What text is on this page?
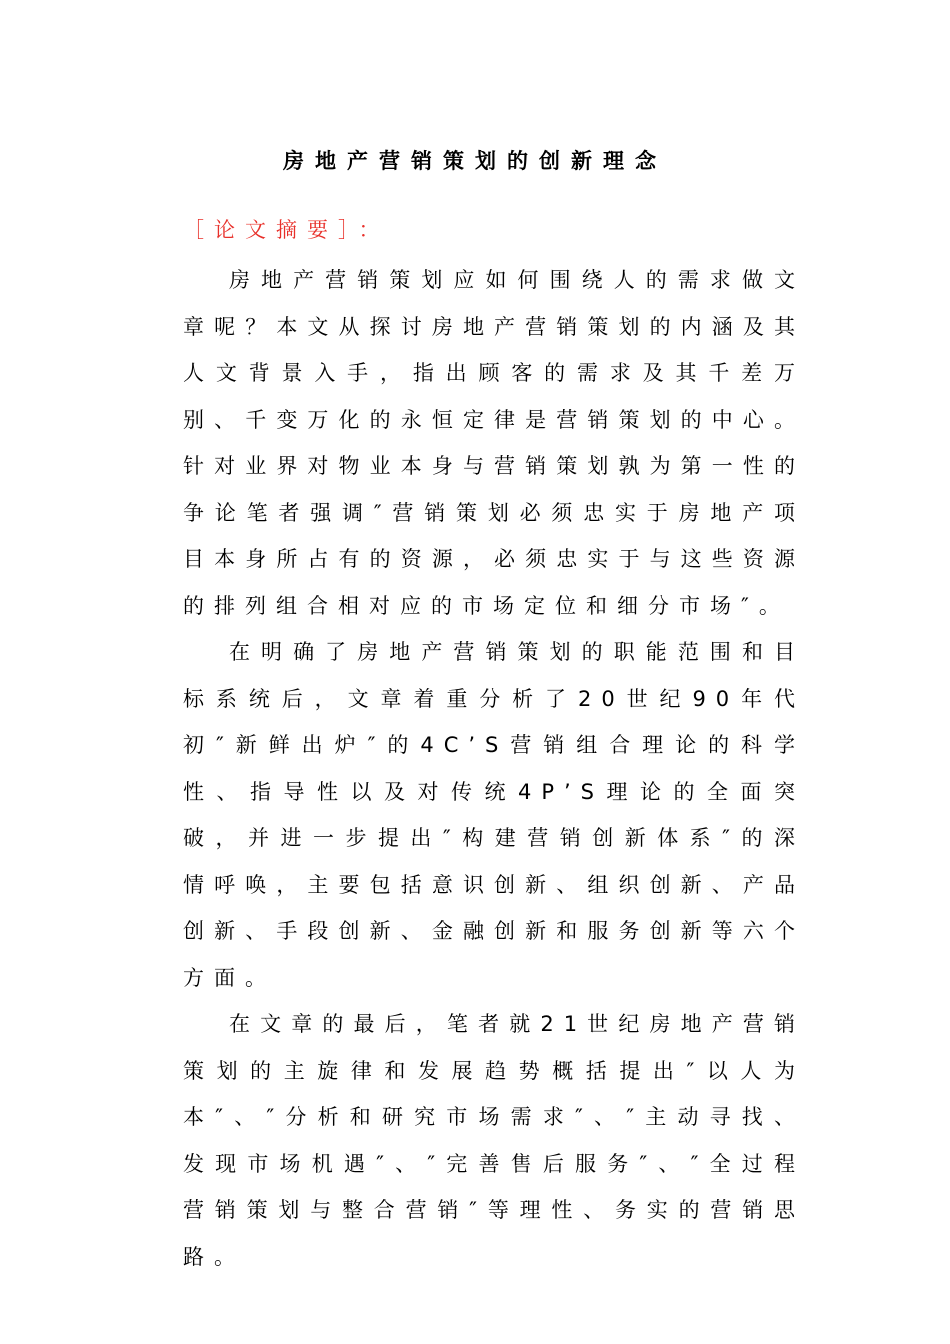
房地产营销策划的创新理念
［论文摘要］：

房地产营销策划应如何围绕人的需求做文章呢？本文从探讨房地产营销策划的内涵及其人文背景入手，指出顾客的需求及其千差万别、千变万化的永恒定律是营销策划的中心。针对业界对物业本身与营销策划孰为第一性的争论笔者强调″营销策划必须忠实于房地产项目本身所占有的资源，必须忠实于与这些资源的排列组合相对应的市场定位和细分市场″。

在明确了房地产营销策划的职能范围和目标系统后，文章着重分析了20世纪90年代初″新鲜出炉″的4C’S营销组合理论的科学性、指导性以及对传统4P’S理论的全面突破，并进一步提出″构建营销创新体系″的深情呼唤，主要包括意识创新、组织创新、产品创新、手段创新、金融创新和服务创新等六个方面。

在文章的最后，笔者就21世纪房地产营销策划的主旋律和发展趋势概括提出″以人为本″、″分析和研究市场需求″、″主动寻找、发现市场机遇″、″完善售后服务″、″全过程营销策划与整合营销″等理性、务实的营销思路。
